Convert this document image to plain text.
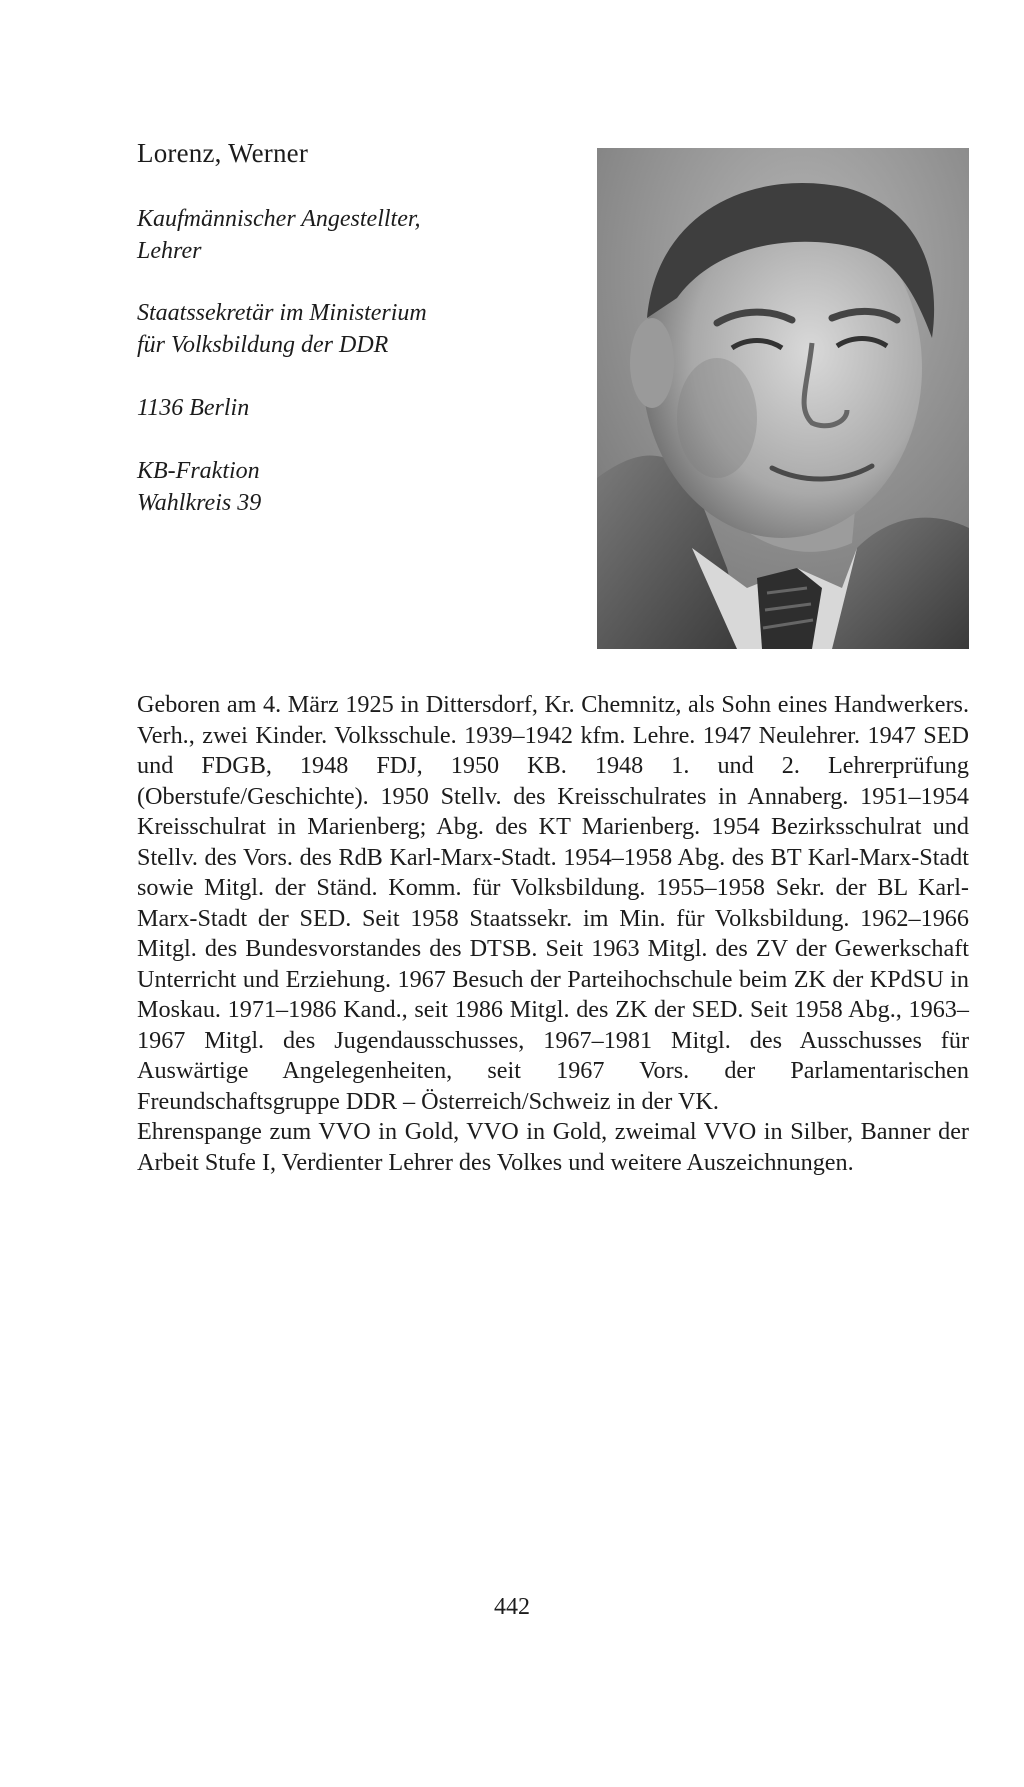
Lorenz, Werner
Kaufmännischer Angestellter,
Lehrer
Staatssekretär im Ministerium
für Volksbildung der DDR
1136 Berlin
KB-Fraktion
Wahlkreis 39

Geboren am 4. März 1925 in Dittersdorf, Kr. Chemnitz, als Sohn eines Handwerkers. Verh., zwei Kinder. Volksschule. 1939–1942 kfm. Lehre. 1947 Neulehrer. 1947 SED und FDGB, 1948 FDJ, 1950 KB. 1948 1. und 2. Lehrerprüfung (Oberstufe/Geschichte). 1950 Stellv. des Kreisschulrates in Annaberg. 1951–1954 Kreisschulrat in Marienberg; Abg. des KT Marienberg. 1954 Bezirksschulrat und Stellv. des Vors. des RdB Karl-Marx-Stadt. 1954–1958 Abg. des BT Karl-Marx-Stadt sowie Mitgl. der Ständ. Komm. für Volksbildung. 1955–1958 Sekr. der BL Karl-Marx-Stadt der SED. Seit 1958 Staatssekr. im Min. für Volksbildung. 1962–1966 Mitgl. des Bundesvorstandes des DTSB. Seit 1963 Mitgl. des ZV der Gewerkschaft Unterricht und Erziehung. 1967 Besuch der Parteihochschule beim ZK der KPdSU in Moskau. 1971–1986 Kand., seit 1986 Mitgl. des ZK der SED. Seit 1958 Abg., 1963–1967 Mitgl. des Jugendausschusses, 1967–1981 Mitgl. des Ausschusses für Auswärtige Angelegenheiten, seit 1967 Vors. der Parlamentarischen Freundschaftsgruppe DDR – Österreich/Schweiz in der VK.

Ehrenspange zum VVO in Gold, VVO in Gold, zweimal VVO in Silber, Banner der Arbeit Stufe I, Verdienter Lehrer des Volkes und weitere Auszeichnungen.

442
